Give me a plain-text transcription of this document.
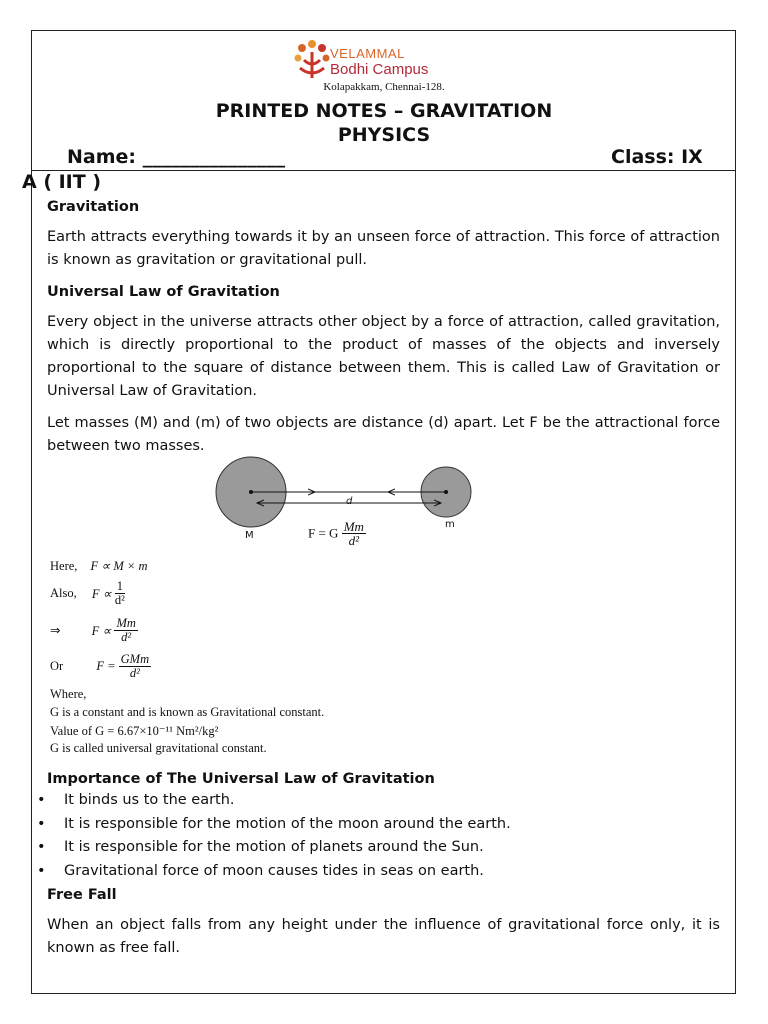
VELAMMAL
Bodhi Campus
Kolapakkam, Chennai-128.
PRINTED NOTES – GRAVITATION
PHYSICS
Name: _______________	Class: IX
A ( IIT )
Gravitation

Earth attracts everything towards it by an unseen force of attraction. This force of attraction is known as gravitation or gravitational pull.

Universal Law of Gravitation

Every object in the universe attracts other object by a force of attraction, called gravitation, which is directly proportional to the product of masses of the objects and inversely proportional to the square of distance between them. This is called Law of Gravitation or Universal Law of Gravitation.

Let masses (M) and (m) of two objects are distance (d) apart. Let F be the attractional force between two masses.

M
m
d
F = G $\frac{Mm}{\text{d²}}$
Here, F ∝ M × m
Also, $F \propto \frac{1}{\text{d²}}$
⇒ $F \propto \frac{Mm}{\text{d²}}$
Or	$F = \frac{\text{GMm}}{\text{d²}}$
Where,
G is a constant and is known as Gravitational constant.
Value of G = 6.67×10⁻¹¹ Nm²/kg²
G is called universal gravitational constant.
Importance of The Universal Law of Gravitation
• It binds us to the earth.
• It is responsible for the motion of the moon around the earth.
• It is responsible for the motion of planets around the Sun.
• Gravitational force of moon causes tides in seas on earth.
Free Fall

When an object falls from any height under the influence of gravitational force only, it is known as free fall.
